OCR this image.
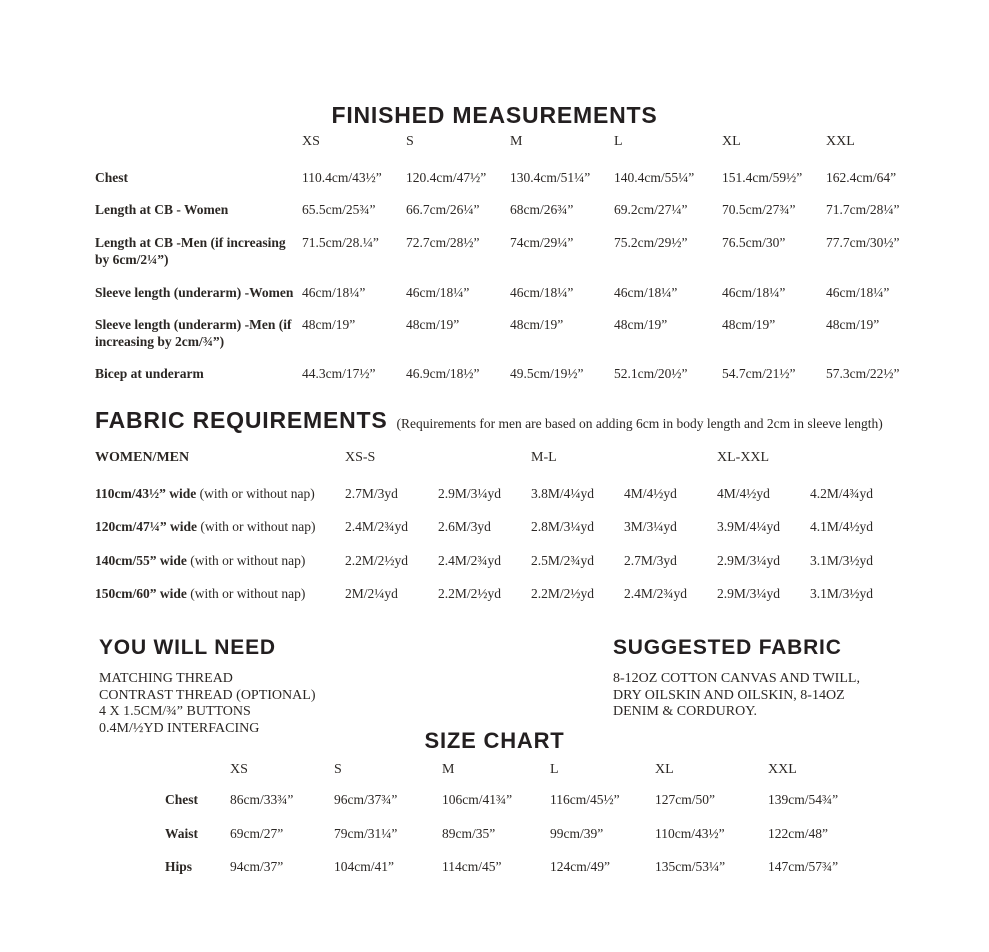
FINISHED MEASUREMENTS
	XS	S	M	L	XL	XXL
Chest	110.4cm/43½”	120.4cm/47½”	130.4cm/51¼”	140.4cm/55¼”	151.4cm/59½”	162.4cm/64”
Length at CB - Women	65.5cm/25¾”	66.7cm/26¼”	68cm/26¾”	69.2cm/27¼”	70.5cm/27¾”	71.7cm/28¼”
Length at CB -Men (if increasing by 6cm/2¼”)	71.5cm/28.¼”	72.7cm/28½”	74cm/29¼”	75.2cm/29½”	76.5cm/30”	77.7cm/30½”
Sleeve length (underarm) -Women	46cm/18¼”	46cm/18¼”	46cm/18¼”	46cm/18¼”	46cm/18¼”	46cm/18¼”
Sleeve length (underarm) -Men (if increasing by 2cm/¾”)	48cm/19”	48cm/19”	48cm/19”	48cm/19”	48cm/19”	48cm/19”
Bicep at underarm	44.3cm/17½”	46.9cm/18½”	49.5cm/19½”	52.1cm/20½”	54.7cm/21½”	57.3cm/22½”
FABRIC REQUIREMENTS (Requirements for men are based on adding 6cm in body length and 2cm in sleeve length)
WOMEN/MEN	XS-S		M-L		XL-XXL	
110cm/43½” wide (with or without nap)	2.7M/3yd	2.9M/3¼yd	3.8M/4¼yd	4M/4½yd	4M/4½yd	4.2M/4¾yd
120cm/47¼” wide (with or without nap)	2.4M/2¾yd	2.6M/3yd	2.8M/3¼yd	3M/3¼yd	3.9M/4¼yd	4.1M/4½yd
140cm/55” wide (with or without nap)	2.2M/2½yd	2.4M/2¾yd	2.5M/2¾yd	2.7M/3yd	2.9M/3¼yd	3.1M/3½yd
150cm/60” wide (with or without nap)	2M/2¼yd	2.2M/2½yd	2.2M/2½yd	2.4M/2¾yd	2.9M/3¼yd	3.1M/3½yd
YOU WILL NEED
MATCHING THREAD
CONTRAST THREAD (OPTIONAL)
4 X 1.5CM/¾” BUTTONS
0.4M/½YD INTERFACING
SUGGESTED FABRIC
8-12OZ COTTON CANVAS AND TWILL,
DRY OILSKIN AND OILSKIN, 8-14OZ
DENIM & CORDUROY.
SIZE CHART
	XS	S	M	L	XL	XXL
Chest	86cm/33¾”	96cm/37¾”	106cm/41¾”	116cm/45½”	127cm/50”	139cm/54¾”
Waist	69cm/27”	79cm/31¼”	89cm/35”	99cm/39”	110cm/43½”	122cm/48”
Hips	94cm/37”	104cm/41”	114cm/45”	124cm/49”	135cm/53¼”	147cm/57¾”
